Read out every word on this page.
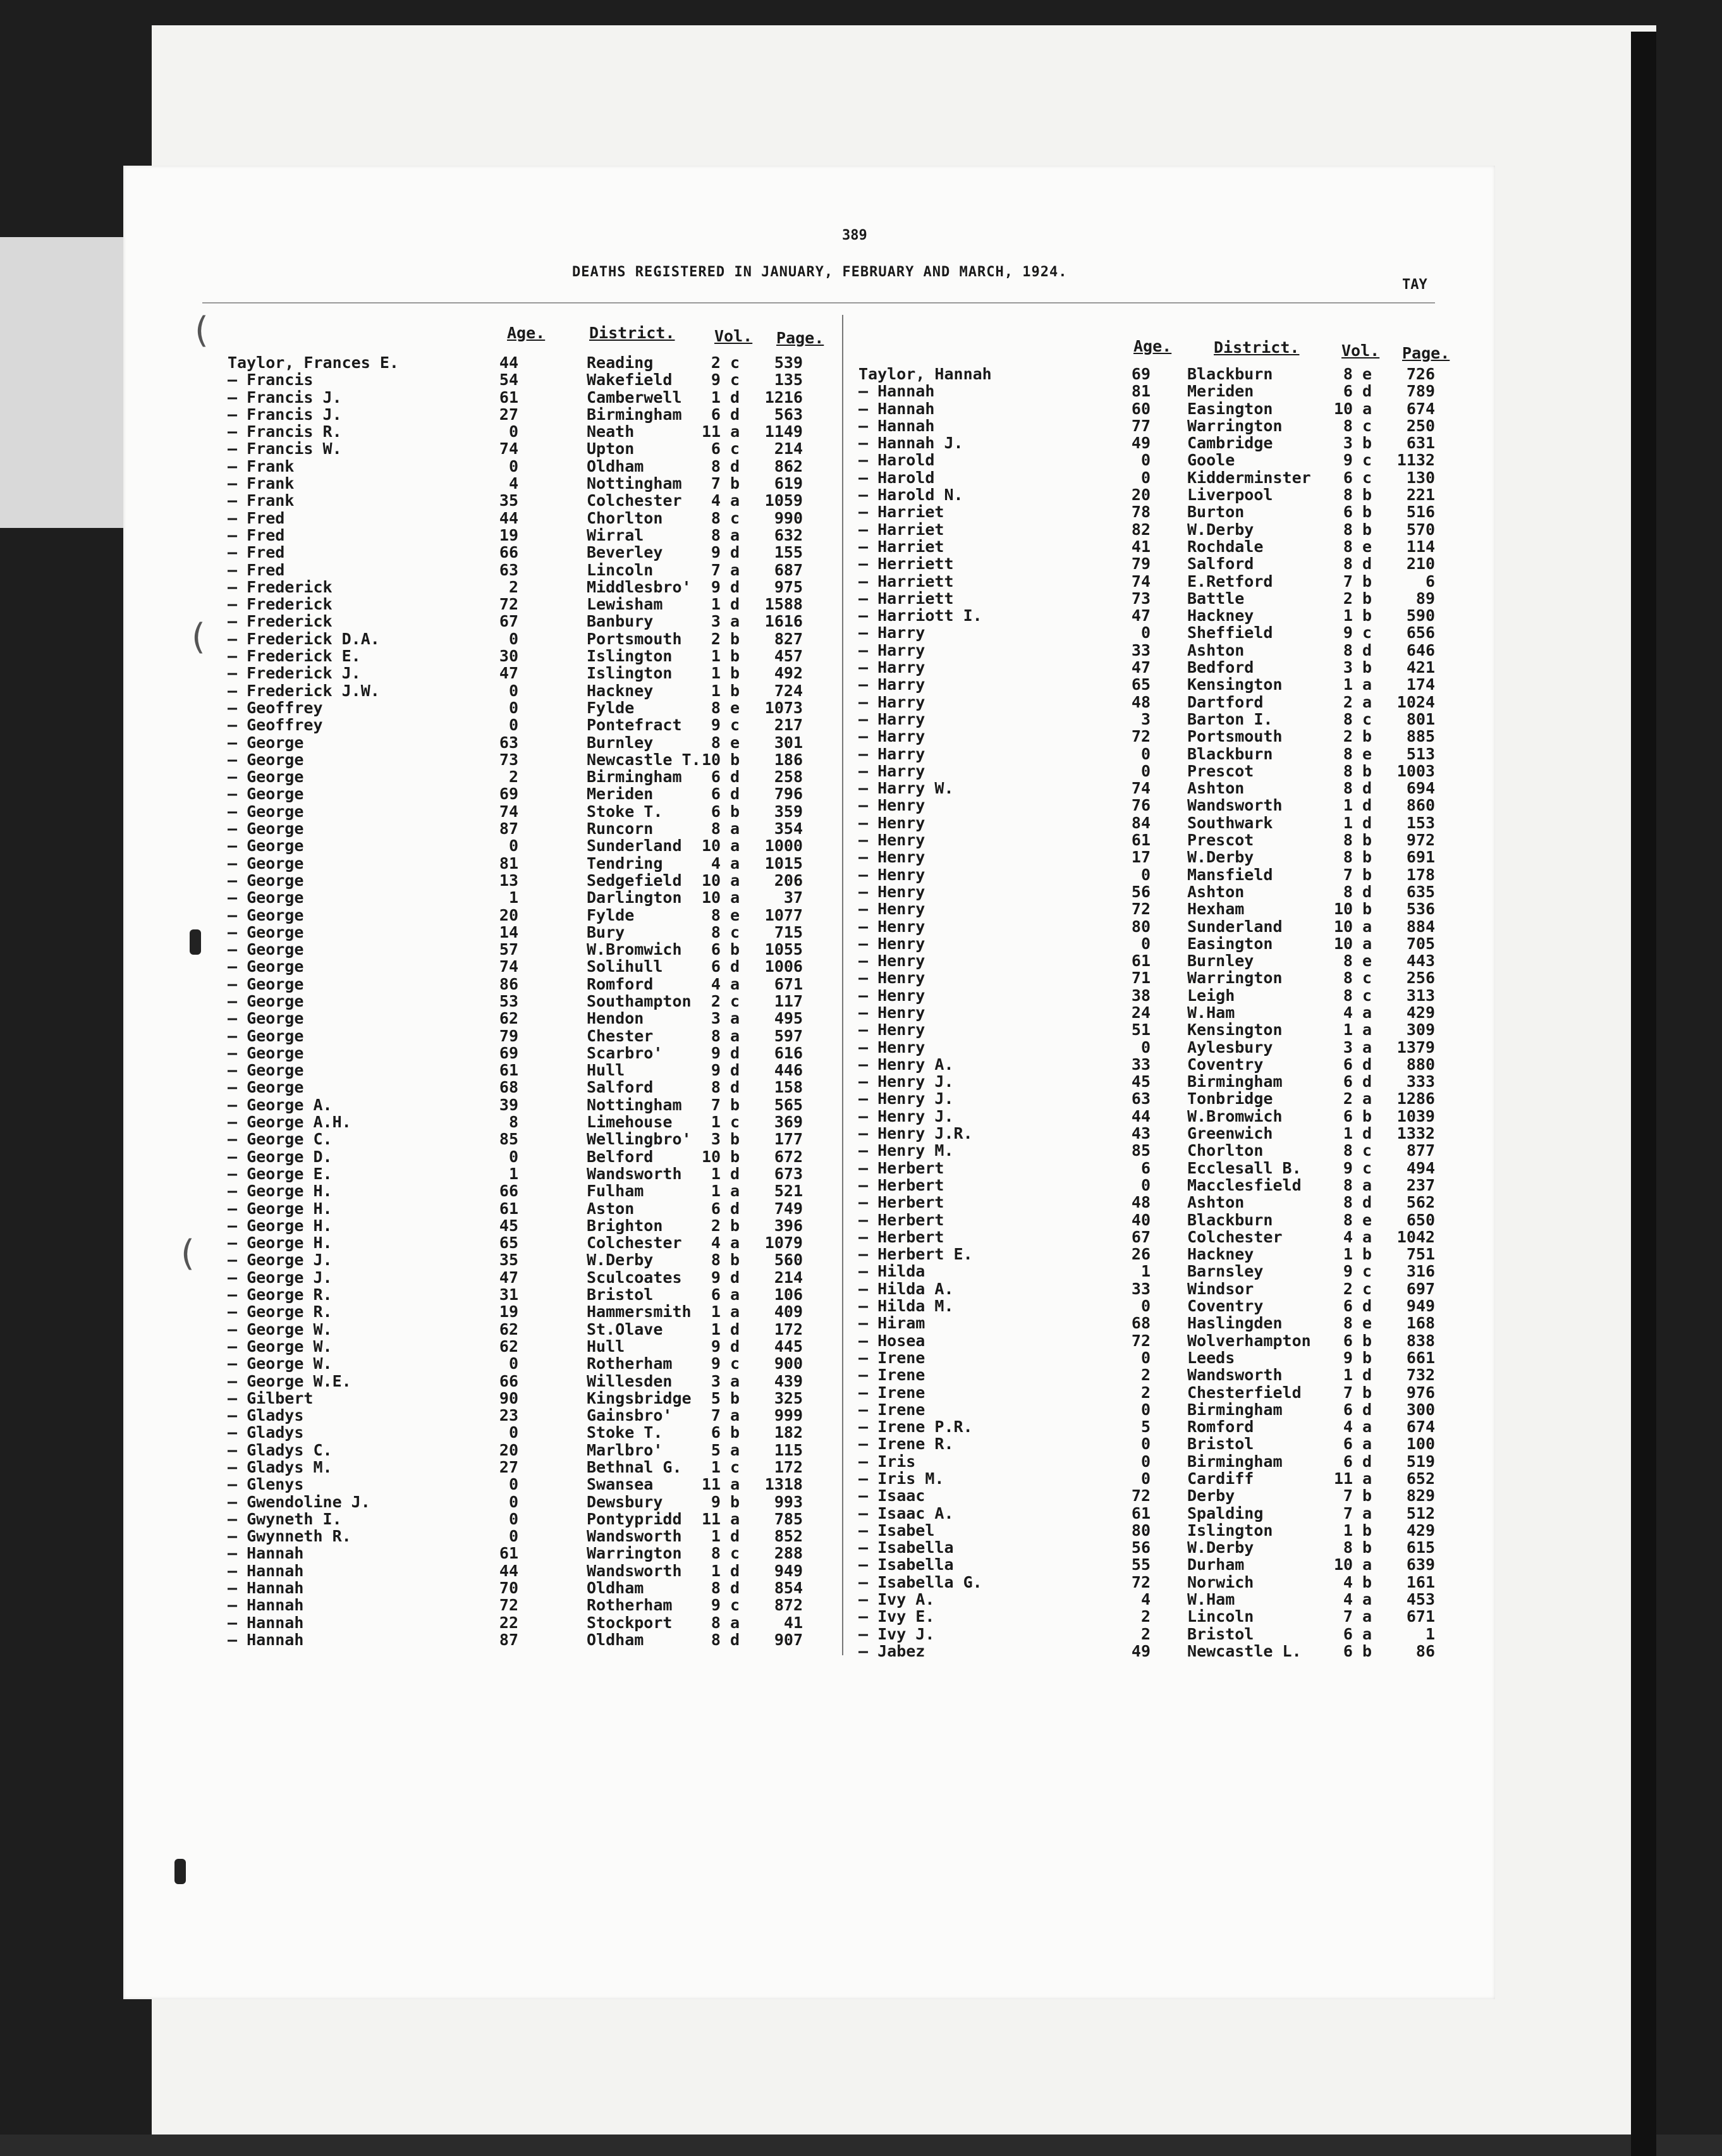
(
(
(
389
DEATHS REGISTERED IN JANUARY, FEBRUARY AND MARCH, 1924.
TAY
Age.	District.	Vol. Page.	Age.	District.	Vol. Page.
Taylor, Frances E.	44	Reading	2 c	539
— Francis	54	Wakefield	9 c	135
— Francis J.	61	Camberwell	1 d	1216
— Francis J.	27	Birmingham	6 d	563
— Francis R.	0	Neath	11 a	1149
— Francis W.	74	Upton	6 c	214
— Frank	0	Oldham	8 d	862
— Frank	4	Nottingham	7 b	619
— Frank	35	Colchester	4 a	1059
— Fred	44	Chorlton	8 c	990
— Fred	19	Wirral	8 a	632
— Fred	66	Beverley	9 d	155
— Fred	63	Lincoln	7 a	687
— Frederick	2	Middlesbro'	9 d	975
— Frederick	72	Lewisham	1 d	1588
— Frederick	67	Banbury	3 a	1616
— Frederick D.A.	0	Portsmouth	2 b	827
— Frederick E.	30	Islington	1 b	457
— Frederick J.	47	Islington	1 b	492
— Frederick J.W.	0	Hackney	1 b	724
— Geoffrey	0	Fylde	8 e	1073
— Geoffrey	0	Pontefract	9 c	217
— George	63	Burnley	8 e	301
— George	73	Newcastle T. 10 b	186
— George	2	Birmingham	6 d	258
— George	69	Meriden	6 d	796
— George	74	Stoke T.	6 b	359
— George	87	Runcorn	8 a	354
— George	0	Sunderland 10 a	1000
— George	81	Tendring	4 a	1015
— George	13	Sedgefield 10 a	206
— George	1	Darlington 10 a	37
— George	20	Fylde	8 e	1077
— George	14	Bury	8 c	715
— George	57	W.Bromwich	6 b	1055
— George	74	Solihull	6 d	1006
— George	86	Romford	4 a	671
— George	53	Southampton	2 c	117
— George	62	Hendon	3 a	495
— George	79	Chester	8 a	597
— George	69	Scarbro'	9 d	616
— George	61	Hull	9 d	446
— George	68	Salford	8 d	158
— George A.	39	Nottingham	7 b	565
— George A.H.	8	Limehouse	1 c	369
— George C.	85	Wellingbro'	3 b	177
— George D.	0	Belford	10 b	672
— George E.	1	Wandsworth	1 d	673
— George H.	66	Fulham	1 a	521
— George H.	61	Aston	6 d	749
— George H.	45	Brighton	2 b	396
— George H.	65	Colchester	4 a	1079
— George J.	35	W.Derby	8 b	560
— George J.	47	Sculcoates	9 d	214
— George R.	31	Bristol	6 a	106
— George R.	19	Hammersmith	1 a	409
— George W.	62	St.Olave	1 d	172
— George W.	62	Hull	9 d	445
— George W.	0	Rotherham	9 c	900
— George W.E.	66	Willesden	3 a	439
— Gilbert	90	Kingsbridge	5 b	325
— Gladys	23	Gainsbro'	7 a	999
— Gladys	0	Stoke T.	6 b	182
— Gladys C.	20	Marlbro'	5 a	115
— Gladys M.	27	Bethnal G.	1 c	172
— Glenys	0	Swansea	11 a	1318
— Gwendoline J.	0	Dewsbury	9 b	993
— Gwyneth I.	0	Pontypridd 11 a	785
— Gwynneth R.	0	Wandsworth	1 d	852
— Hannah	61	Warrington	8 c	288
— Hannah	44	Wandsworth	1 d	949
— Hannah	70	Oldham	8 d	854
— Hannah	72	Rotherham	9 c	872
— Hannah	22	Stockport	8 a	41
— Hannah	87	Oldham	8 d	907
Taylor, Hannah	69 Blackburn	8 e	726
— Hannah	81 Meriden	6 d	789
— Hannah	60 Easington	10 a	674
— Hannah	77 Warrington	8 c	250
— Hannah J.	49 Cambridge	3 b	631
— Harold	0 Goole	9 c	1132
— Harold	0 Kidderminster	6 c	130
— Harold N.	20 Liverpool	8 b	221
— Harriet	78 Burton	6 b	516
— Harriet	82 W.Derby	8 b	570
— Harriet	41 Rochdale	8 e	114
— Herriett	79 Salford	8 d	210
— Harriett	74 E.Retford	7 b	6
— Harriett	73 Battle	2 b	89
— Harriott I.	47 Hackney	1 b	590
— Harry	0 Sheffield	9 c	656
— Harry	33 Ashton	8 d	646
— Harry	47 Bedford	3 b	421
— Harry	65 Kensington	1 a	174
— Harry	48 Dartford	2 a	1024
— Harry	3 Barton I.	8 c	801
— Harry	72 Portsmouth	2 b	885
— Harry	0 Blackburn	8 e	513
— Harry	0 Prescot	8 b	1003
— Harry W.	74 Ashton	8 d	694
— Henry	76 Wandsworth	1 d	860
— Henry	84 Southwark	1 d	153
— Henry	61 Prescot	8 b	972
— Henry	17 W.Derby	8 b	691
— Henry	0 Mansfield	7 b	178
— Henry	56 Ashton	8 d	635
— Henry	72 Hexham	10 b	536
— Henry	80 Sunderland	10 a	884
— Henry	0 Easington	10 a	705
— Henry	61 Burnley	8 e	443
— Henry	71 Warrington	8 c	256
— Henry	38 Leigh	8 c	313
— Henry	24 W.Ham	4 a	429
— Henry	51 Kensington	1 a	309
— Henry	0 Aylesbury	3 a	1379
— Henry A.	33 Coventry	6 d	880
— Henry J.	45 Birmingham	6 d	333
— Henry J.	63 Tonbridge	2 a	1286
— Henry J.	44 W.Bromwich	6 b	1039
— Henry J.R.	43 Greenwich	1 d	1332
— Henry M.	85 Chorlton	8 c	877
— Herbert	6 Ecclesall B.	9 c	494
— Herbert	0 Macclesfield	8 a	237
— Herbert	48 Ashton	8 d	562
— Herbert	40 Blackburn	8 e	650
— Herbert	67 Colchester	4 a	1042
— Herbert E.	26 Hackney	1 b	751
— Hilda	1 Barnsley	9 c	316
— Hilda A.	33 Windsor	2 c	697
— Hilda M.	0 Coventry	6 d	949
— Hiram	68 Haslingden	8 e	168
— Hosea	72 Wolverhampton	6 b	838
— Irene	0 Leeds	9 b	661
— Irene	2 Wandsworth	1 d	732
— Irene	2 Chesterfield	7 b	976
— Irene	0 Birmingham	6 d	300
— Irene P.R.	5 Romford	4 a	674
— Irene R.	0 Bristol	6 a	100
— Iris	0 Birmingham	6 d	519
— Iris M.	0 Cardiff	11 a	652
— Isaac	72 Derby	7 b	829
— Isaac A.	61 Spalding	7 a	512
— Isabel	80 Islington	1 b	429
— Isabella	56 W.Derby	8 b	615
— Isabella	55 Durham	10 a	639
— Isabella G.	72 Norwich	4 b	161
— Ivy A.	4 W.Ham	4 a	453
— Ivy E.	2 Lincoln	7 a	671
— Ivy J.	2 Bristol	6 a	1
— Jabez	49 Newcastle L.	6 b	86
